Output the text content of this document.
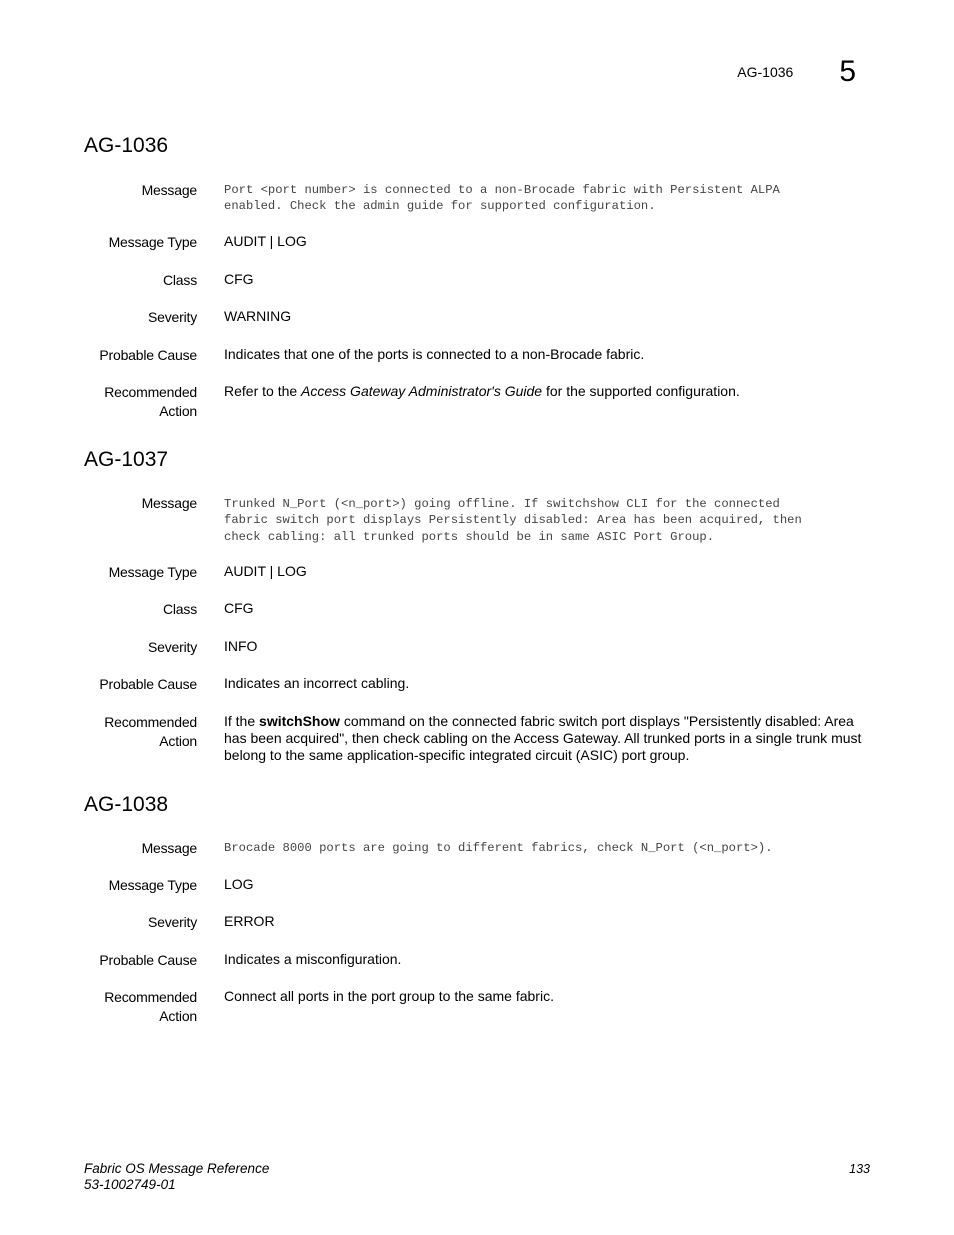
AG-1036 5
AG-1036
Message Port <port number> is connected to a non-Brocade fabric with Persistent ALPA
enabled. Check the admin guide for supported configuration.
Message Type AUDIT | LOG
Class CFG
Severity WARNING
Probable Cause Indicates that one of the ports is connected to a non-Brocade fabric.
Recommended
Action
Refer to the Access Gateway Administrator's Guide for the supported configuration.
AG-1037
Message Trunked N_Port (<n_port>) going offline. If switchshow CLI for the connected
fabric switch port displays Persistently disabled: Area has been acquired, then
check cabling: all trunked ports should be in same ASIC Port Group.
Message Type AUDIT | LOG
Class CFG
Severity INFO
Probable Cause Indicates an incorrect cabling.
Recommended
Action
If the switchShow command on the connected fabric switch port displays "Persistently disabled: Area has been acquired", then check cabling on the Access Gateway. All trunked ports in a single trunk must belong to the same application-specific integrated circuit (ASIC) port group.
AG-1038
Message Brocade 8000 ports are going to different fabrics, check N_Port (<n_port>).
Message Type LOG
Severity ERROR
Probable Cause Indicates a misconfiguration.
Recommended
Action
Connect all ports in the port group to the same fabric.
Fabric OS Message Reference
53-1002749-01
133
